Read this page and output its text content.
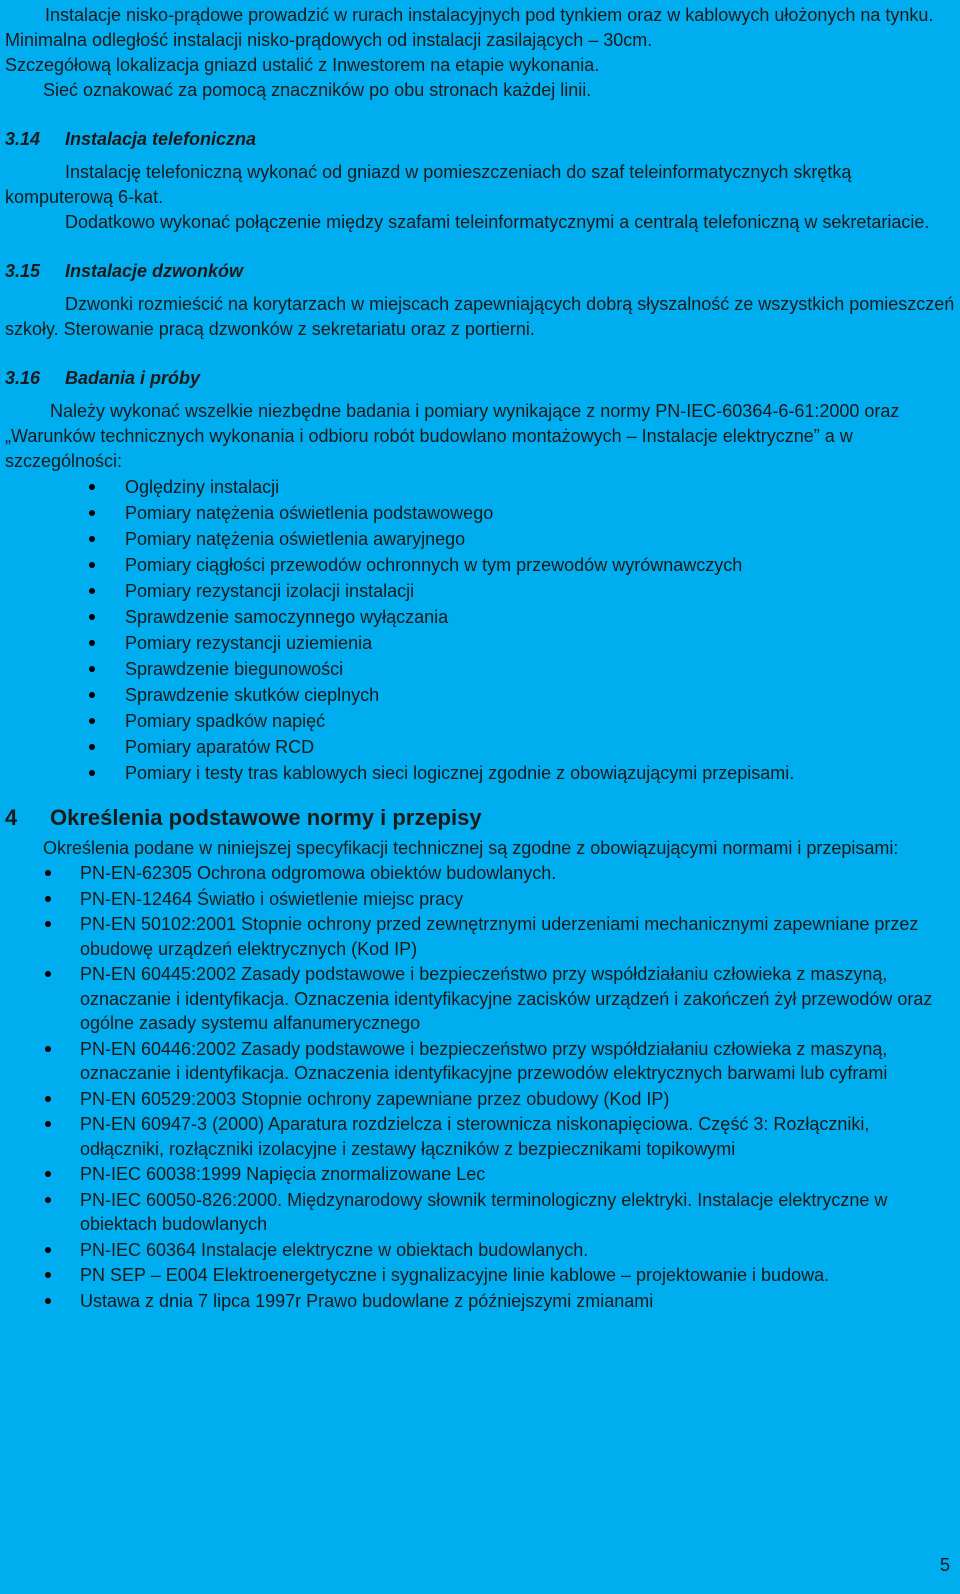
Instalacje nisko-prądowe prowadzić w rurach instalacyjnych pod tynkiem oraz w kablowych ułożonych na tynku. Minimalna odległość instalacji nisko-prądowych od instalacji zasilających – 30cm.

Szczegółową lokalizacja gniazd ustalić z Inwestorem na etapie wykonania.

Sieć oznakować za pomocą znaczników po obu stronach każdej linii.

3.14 Instalacja telefoniczna

Instalację telefoniczną wykonać od gniazd w pomieszczeniach do szaf teleinformatycznych skrętką komputerową 6-kat.

Dodatkowo wykonać połączenie między szafami teleinformatycznymi a centralą telefoniczną w sekretariacie.

3.15 Instalacje dzwonków

Dzwonki rozmieścić na korytarzach w miejscach zapewniających dobrą słyszalność ze wszystkich pomieszczeń szkoły. Sterowanie pracą dzwonków z sekretariatu oraz z portierni.

3.16 Badania i próby

Należy wykonać wszelkie niezbędne badania i pomiary wynikające z normy PN-IEC-60364-6-61:2000 oraz „Warunków technicznych wykonania i odbioru robót budowlano montażowych – Instalacje elektryczne” a w szczególności:

Oględziny instalacji
Pomiary natężenia oświetlenia podstawowego
Pomiary natężenia oświetlenia awaryjnego
Pomiary ciągłości przewodów ochronnych w tym przewodów wyrównawczych
Pomiary rezystancji izolacji instalacji
Sprawdzenie samoczynnego wyłączania
Pomiary rezystancji uziemienia
Sprawdzenie biegunowości
Sprawdzenie skutków cieplnych
Pomiary spadków napięć
Pomiary aparatów RCD
Pomiary i testy tras kablowych sieci logicznej zgodnie z obowiązującymi przepisami.
4 Określenia podstawowe normy i przepisy

Określenia podane w niniejszej specyfikacji technicznej są zgodne z obowiązującymi normami i przepisami:

PN-EN-62305 Ochrona odgromowa obiektów budowlanych.
PN-EN-12464 Światło i oświetlenie miejsc pracy
PN-EN 50102:2001 Stopnie ochrony przed zewnętrznymi uderzeniami mechanicznymi zapewniane przez obudowę urządzeń elektrycznych (Kod IP)
PN-EN 60445:2002 Zasady podstawowe i bezpieczeństwo przy współdziałaniu człowieka z maszyną, oznaczanie i identyfikacja. Oznaczenia identyfikacyjne zacisków urządzeń i zakończeń żył przewodów oraz ogólne zasady systemu alfanumerycznego
PN-EN 60446:2002 Zasady podstawowe i bezpieczeństwo przy współdziałaniu człowieka z maszyną, oznaczanie i identyfikacja. Oznaczenia identyfikacyjne przewodów elektrycznych barwami lub cyframi
PN-EN 60529:2003 Stopnie ochrony zapewniane przez obudowy (Kod IP)
PN-EN 60947-3 (2000) Aparatura rozdzielcza i sterownicza niskonapięciowa. Część 3: Rozłączniki, odłączniki, rozłączniki izolacyjne i zestawy łączników z bezpiecznikami topikowymi
PN-IEC 60038:1999 Napięcia znormalizowane Lec
PN-IEC 60050-826:2000. Międzynarodowy słownik terminologiczny elektryki. Instalacje elektryczne w obiektach budowlanych
PN-IEC 60364 Instalacje elektryczne w obiektach budowlanych.
PN SEP – E004 Elektroenergetyczne i sygnalizacyjne linie kablowe – projektowanie i budowa.
Ustawa z dnia 7 lipca 1997r Prawo budowlane z późniejszymi zmianami
5
